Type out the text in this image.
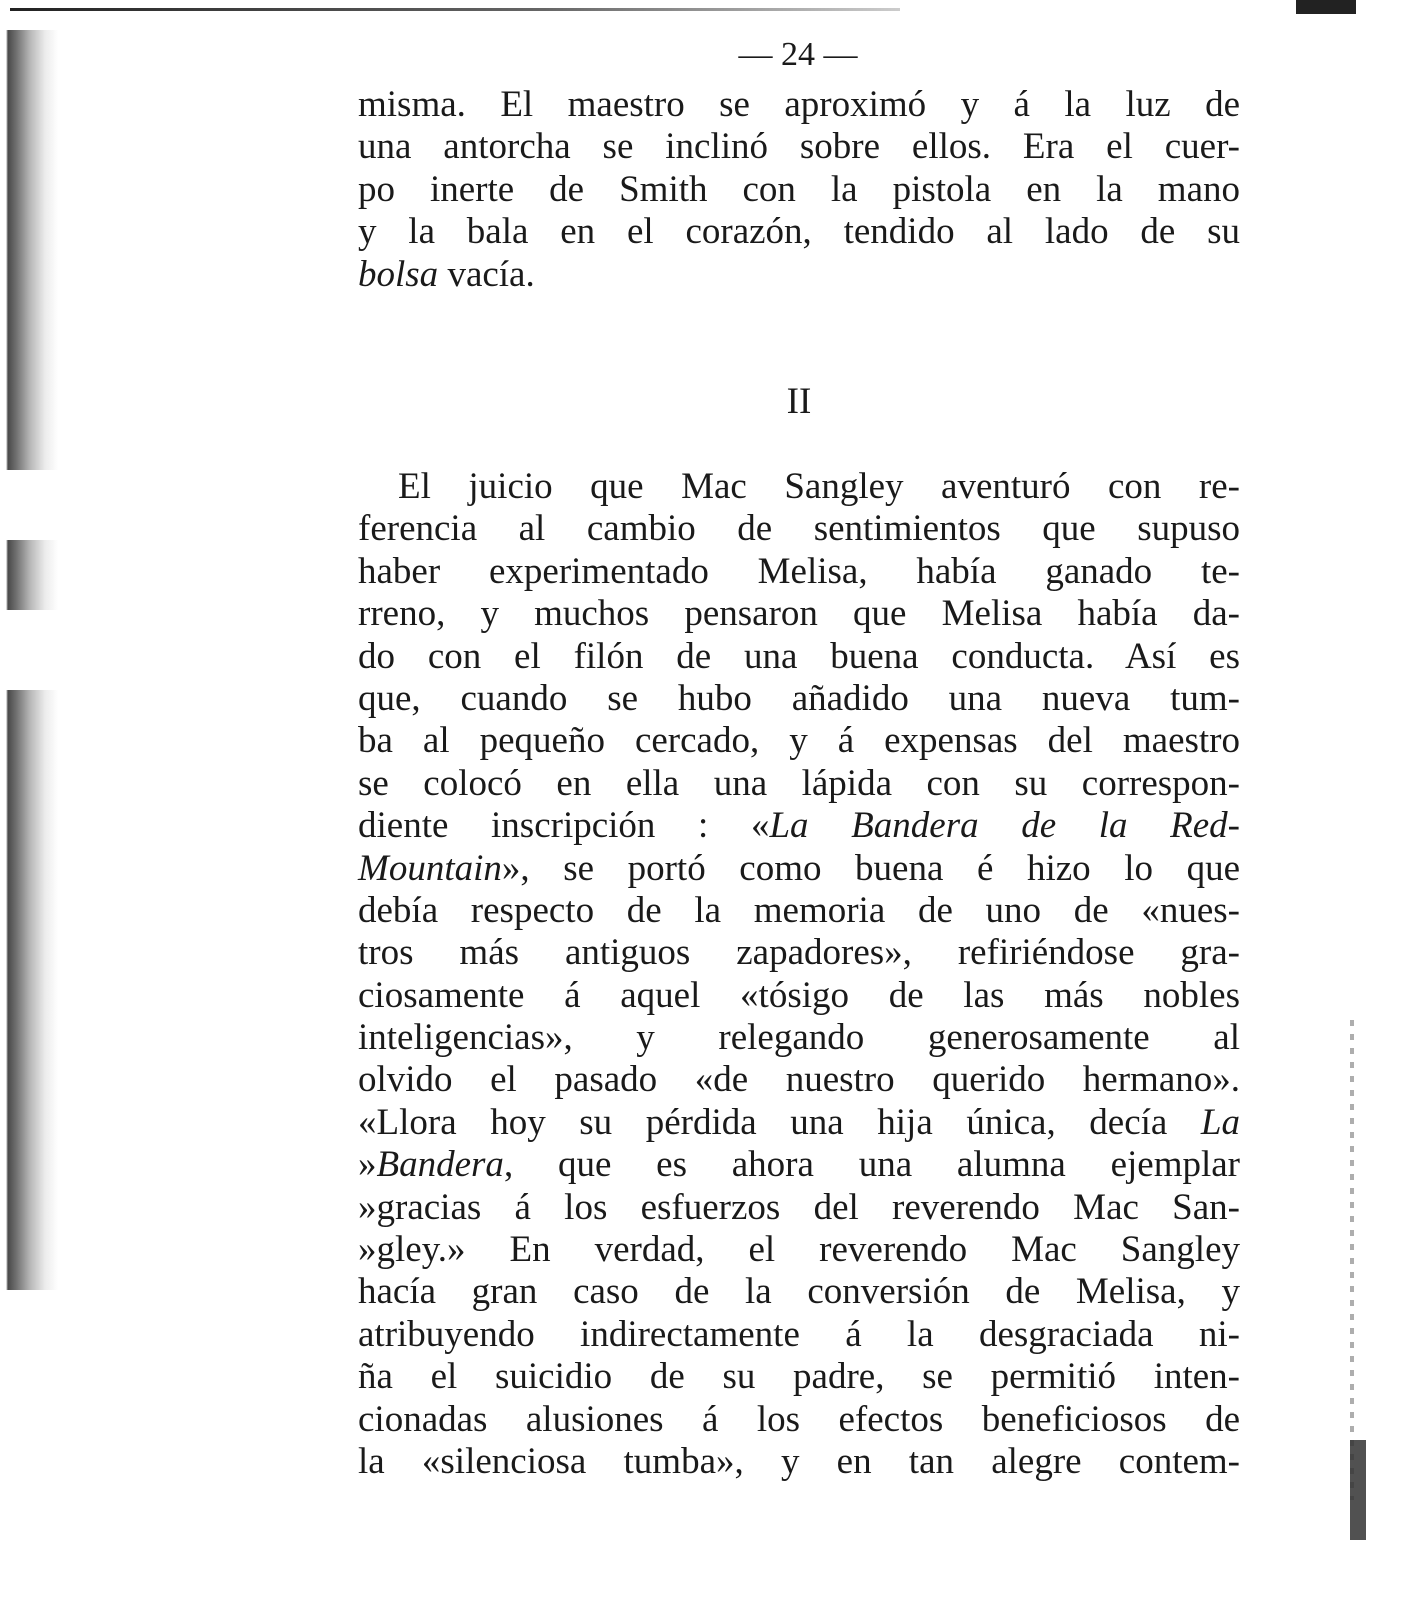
— 24 —
misma. El maestro se aproximó y á la luz de
una antorcha se inclinó sobre ellos. Era el cuer-
po inerte de Smith con la pistola en la mano
y la bala en el corazón, tendido al lado de su
bolsa vacía.
II
El juicio que Mac Sangley aventuró con re-
ferencia al cambio de sentimientos que supuso
haber experimentado Melisa, había ganado te-
rreno, y muchos pensaron que Melisa había da-
do con el filón de una buena conducta. Así es
que, cuando se hubo añadido una nueva tum-
ba al pequeño cercado, y á expensas del maestro
se colocó en ella una lápida con su correspon-
diente inscripción : «La Bandera de la Red-
Mountain», se portó como buena é hizo lo que
debía respecto de la memoria de uno de «nues-
tros más antiguos zapadores», refiriéndose gra-
ciosamente á aquel «tósigo de las más nobles
inteligencias», y relegando generosamente al
olvido el pasado «de nuestro querido hermano».
«Llora hoy su pérdida una hija única, decía La
»Bandera, que es ahora una alumna ejemplar
»gracias á los esfuerzos del reverendo Mac San-
»gley.» En verdad, el reverendo Mac Sangley
hacía gran caso de la conversión de Melisa, y
atribuyendo indirectamente á la desgraciada ni-
ña el suicidio de su padre, se permitió inten-
cionadas alusiones á los efectos beneficiosos de
la «silenciosa tumba», y en tan alegre contem-
